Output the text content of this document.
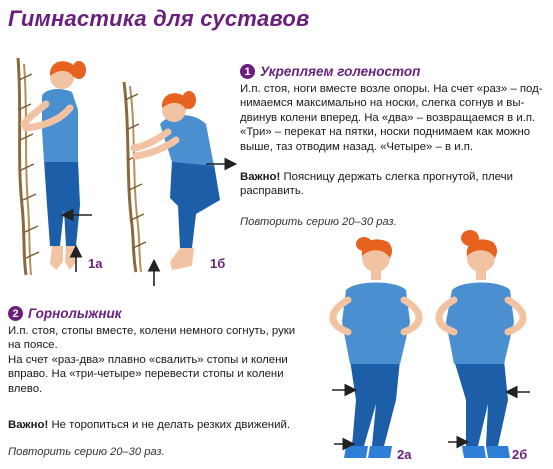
Гимнастика для суставов
1а	1б
2а	2б
1 Укрепляем голеностоп
И.п. стоя, ноги вместе возле опоры. На счет «раз» – под-
нимаемся максимально на носки, слегка согнув и вы-
двинув колени вперед. На «два» – возвращаемся в и.п.
«Три» – перекат на пятки, носки поднимаем как можно
выше, таз отводим назад. «Четыре» – в и.п.
Важно! Поясницу держать слегка прогнутой, плечи
расправить.
Повторить серию 20–30 раз.
2 Горнолыжник
И.п. стоя, стопы вместе, колени немного согнуть, руки
на поясе.
На счет «раз-два» плавно «свалить» стопы и колени
вправо. На «три-четыре» перевести стопы и колени
влево.
Важно! Не торопиться и не делать резких движений.
Повторить серию 20–30 раз.
